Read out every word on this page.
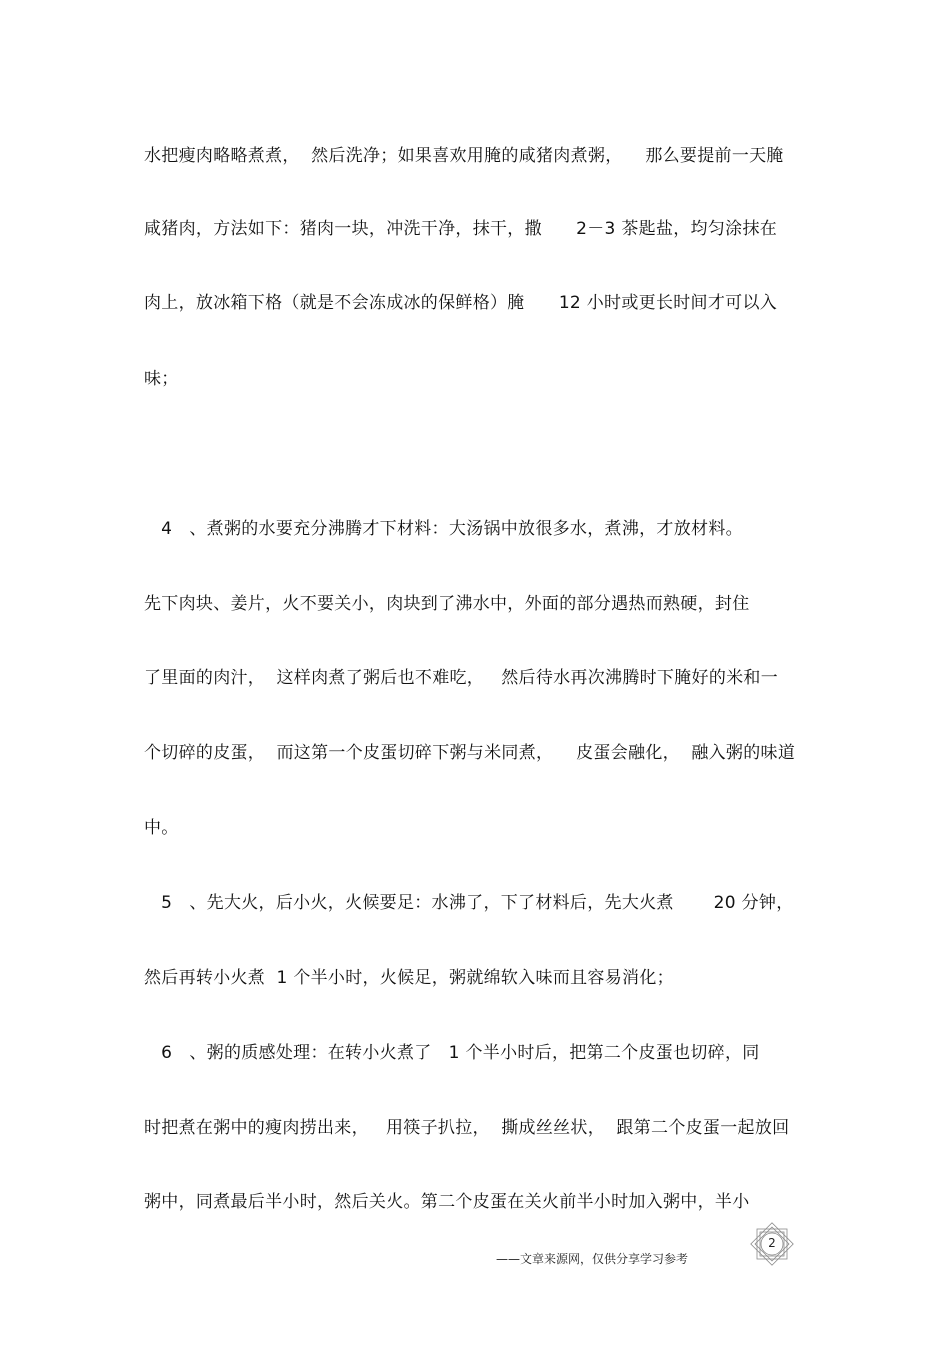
水把瘦肉略略煮煮，  然后洗净；如果喜欢用腌的咸猪肉煮粥，    那么要提前一天腌
咸猪肉，方法如下：猪肉一块，冲洗干净，抹干，撒      2－3 茶匙盐，均匀涂抹在
肉上，放冰箱下格（就是不会冻成冰的保鲜格）腌      12 小时或更长时间才可以入
味；
4   、煮粥的水要充分沸腾才下材料：大汤锅中放很多水，煮沸，才放材料。
先下肉块、姜片，火不要关小，肉块到了沸水中，外面的部分遇热而熟硬，封住
了里面的肉汁，  这样肉煮了粥后也不难吃，   然后待水再次沸腾时下腌好的米和一
个切碎的皮蛋，  而这第一个皮蛋切碎下粥与米同煮，    皮蛋会融化，  融入粥的味道
中。
5   、先大火，后小火，火候要足：水沸了，下了材料后，先大火煮       20 分钟，
然后再转小火煮  1 个半小时，火候足，粥就绵软入味而且容易消化；
6   、粥的质感处理：在转小火煮了   1 个半小时后，把第二个皮蛋也切碎，同
时把煮在粥中的瘦肉捞出来，   用筷子扒拉，  撕成丝丝状，  跟第二个皮蛋一起放回
粥中，同煮最后半小时，然后关火。第二个皮蛋在关火前半小时加入粥中，半小
——文章来源网，仅供分享学习参考
2
